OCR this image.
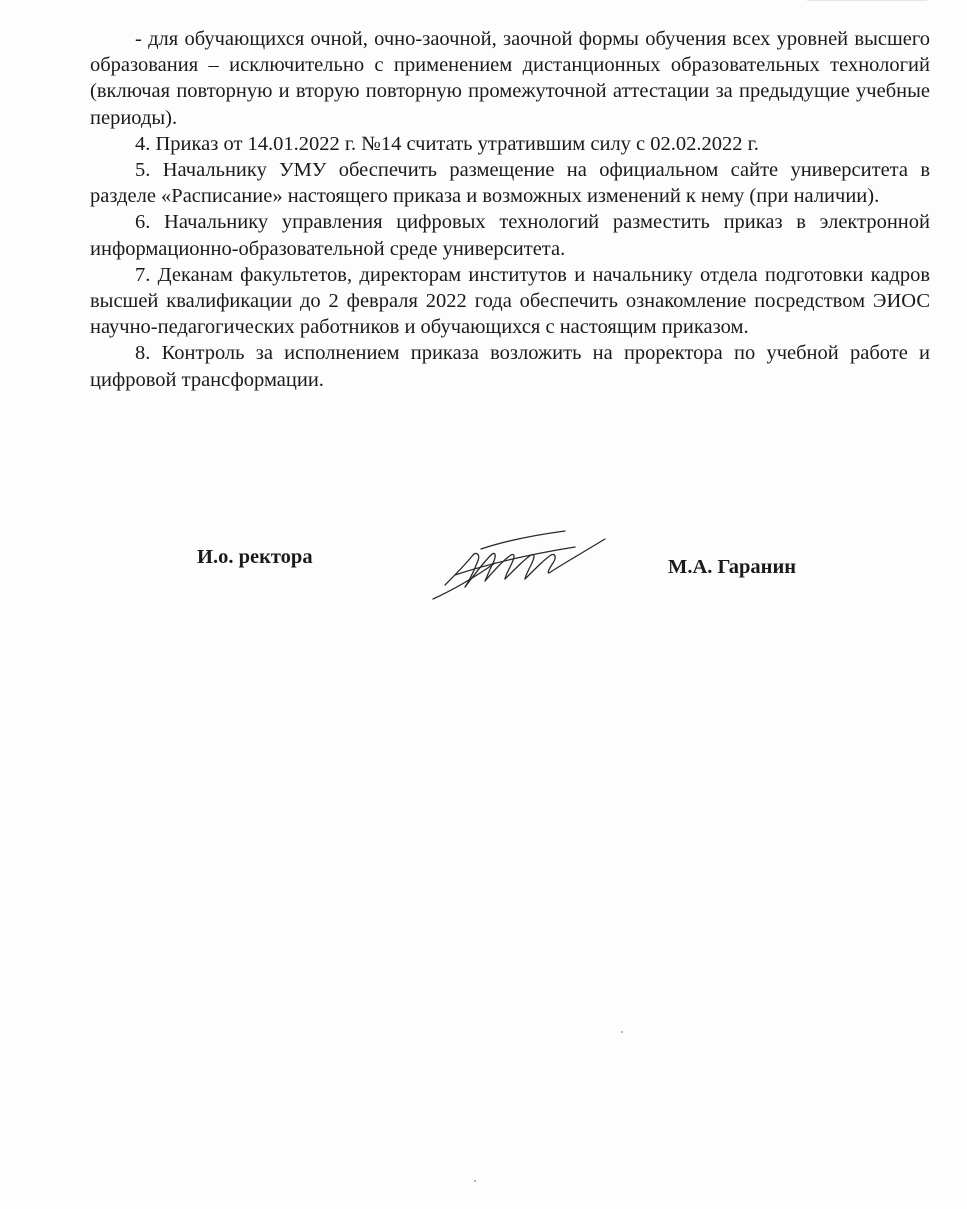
- для обучающихся очной, очно-заочной, заочной формы обучения всех уровней высшего образования – исключительно с применением дистанционных образовательных технологий (включая повторную и вторую повторную промежуточной аттестации за предыдущие учебные периоды).

4. Приказ от 14.01.2022 г. №14 считать утратившим силу с 02.02.2022 г.

5. Начальнику УМУ обеспечить размещение на официальном сайте университета в разделе «Расписание» настоящего приказа и возможных изменений к нему (при наличии).

6. Начальнику управления цифровых технологий разместить приказ в электронной информационно-образовательной среде университета.

7. Деканам факультетов, директорам институтов и начальнику отдела подготовки кадров высшей квалификации до 2 февраля 2022 года обеспечить ознакомление посредством ЭИОС научно-педагогических работников и обучающихся с настоящим приказом.

8. Контроль за исполнением приказа возложить на проректора по учебной работе и цифровой трансформации.

И.о. ректора	М.А. Гаранин
